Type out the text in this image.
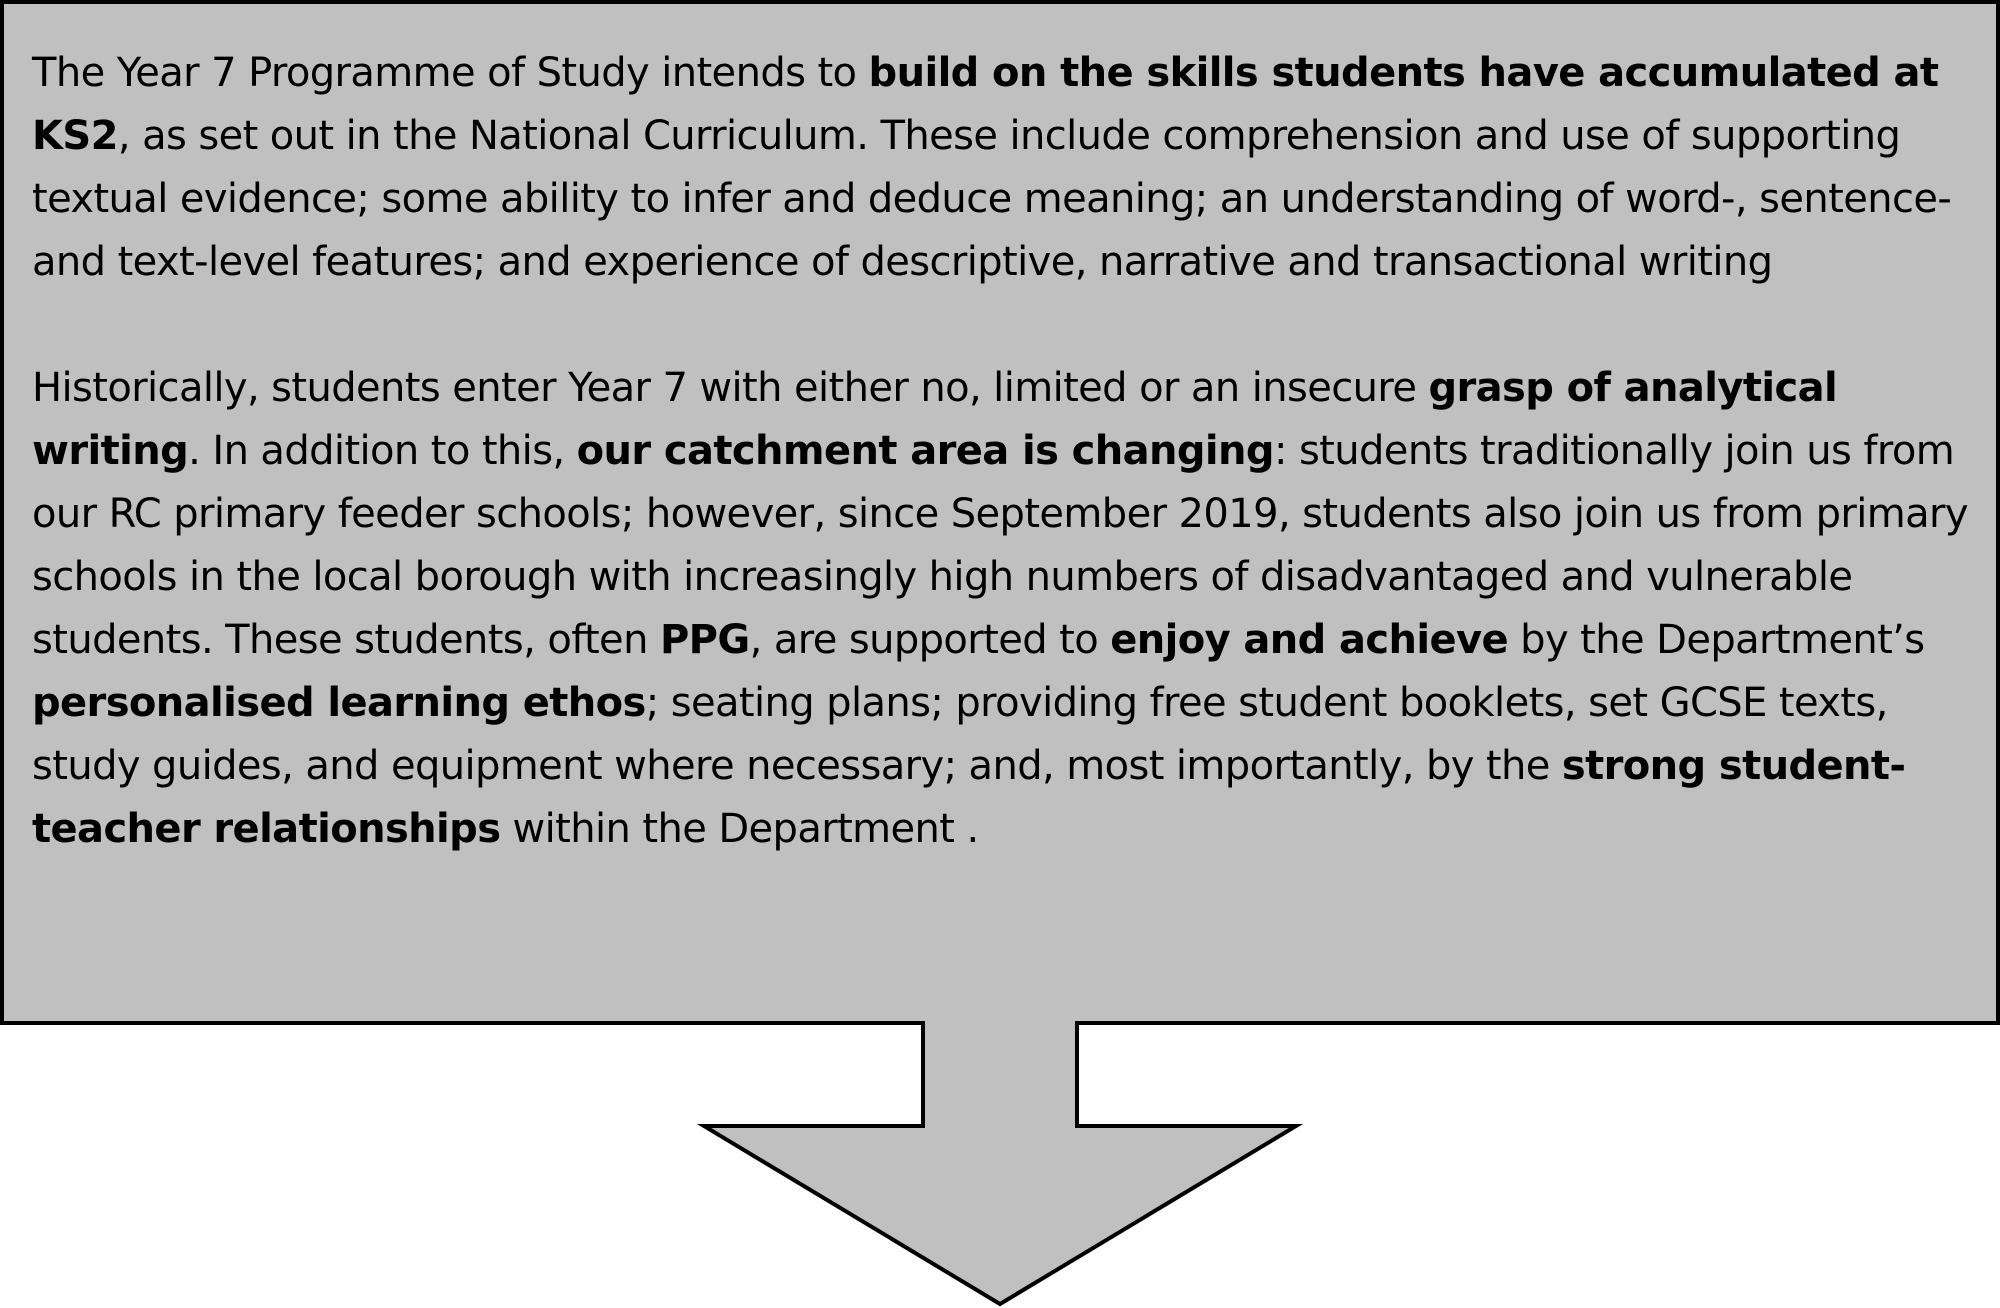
The Year 7 Programme of Study intends to build on the skills students have accumulated at KS2, as set out in the National Curriculum. These include comprehension and use of supporting textual evidence; some ability to infer and deduce meaning; an understanding of word-, sentence- and text-level features; and experience of descriptive, narrative and transactional writing

Historically, students enter Year 7 with either no, limited or an insecure grasp of analytical writing. In addition to this, our catchment area is changing: students traditionally join us from our RC primary feeder schools; however, since September 2019, students also join us from primary schools in the local borough with increasingly high numbers of disadvantaged and vulnerable students. These students, often PPG, are supported to enjoy and achieve by the Department’s personalised learning ethos; seating plans; providing free student booklets, set GCSE texts, study guides, and equipment where necessary; and, most importantly, by the strong student-teacher relationships within the Department .
